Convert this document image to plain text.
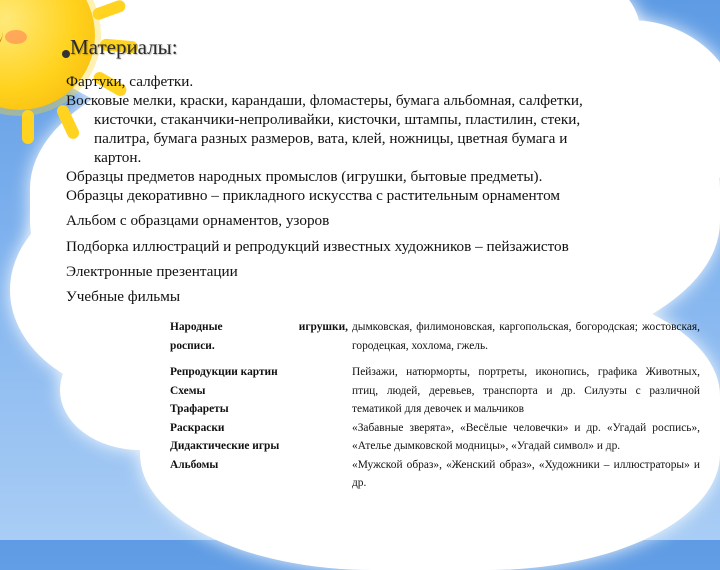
Материалы:

Фартуки, салфетки.

Восковые мелки, краски, карандаши, фломастеры, бумага альбомная, салфетки,

кисточки, стаканчики-непроливайки, кисточки, штампы, пластилин, стеки,

палитра, бумага разных размеров, вата, клей, ножницы, цветная бумага и

картон.

Образцы предметов народных промыслов (игрушки, бытовые предметы).

Образцы декоративно – прикладного искусства с растительным орнаментом

Альбом с образцами орнаментов, узоров

Подборка иллюстраций и репродукций известных художников – пейзажистов

Электронные презентации

Учебные фильмы

Народные игрушки,
росписи.	дымковская, филимоновская, каргопольская, богородская; жостовская, городецкая, хохлома, гжель.

Репродукции картин
Схемы
Трафареты	Пейзажи, натюрморты, портреты, иконопись, графика Животных, птиц, людей, деревьев, транспорта и др. Силуэты с различной тематикой для девочек и мальчиков

Раскраски
Дидактические игры	«Забавные зверята», «Весёлые человечки» и др. «Угадай роспись», «Ателье дымковской модницы», «Угадай символ» и др.
Альбомы	«Мужской образ», «Женский образ», «Художники – иллюстраторы» и др.
